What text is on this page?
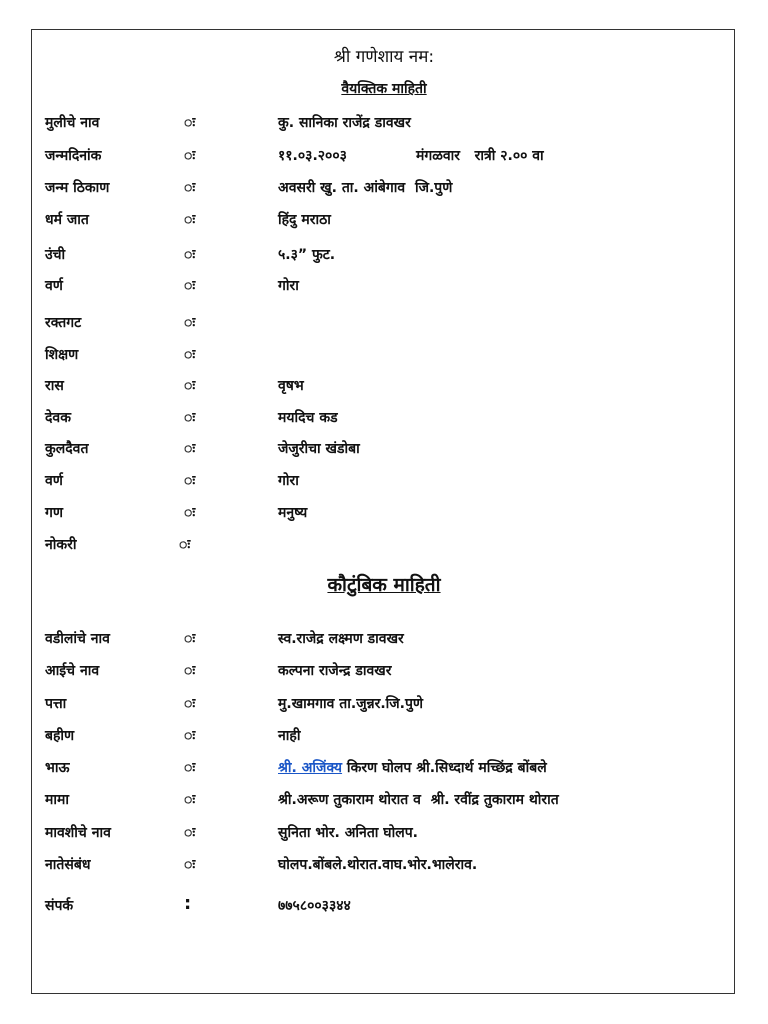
श्री गणेशाय नम:
वैयक्तिक माहिती
मुलीचे नाव	ः	कु. सानिका राजेंद्र डावखर
जन्मदिनांक	ः	११.०३.२००३	मंगळवार   रात्री २.०० वा
जन्म ठिकाण	ः	अवसरी खु. ता. आंबेगाव  जि.पुणे
धर्म जात	ः	हिंदु मराठा
उंची	ः	५.३” फुट.
वर्ण	ः	गोरा
रक्तगट	ः
शिक्षण	ः
रास	ः	वृषभ
देवक	ः	मयदिच कड
कुलदैवत	ः	जेजुरीचा खंडोबा
वर्ण	ः	गोरा
गण	ः	मनुष्य
नोकरी	ः
कौटुंबिक माहिती
वडीलांचे नाव	ः	स्व.राजेद्र लक्ष्मण डावखर
आईचे नाव	ः	कल्पना राजेन्द्र डावखर
पत्ता	ः	मु.खामगाव ता.जुन्नर.जि.पुणे
बहीण	ः	नाही
भाऊ	ः	श्री. अजिंक्य किरण घोलप श्री.सिध्दार्थ मच्छिंद्र बोंबले
मामा	ः	श्री.अरूण तुकाराम थोरात व  श्री. रवींद्र तुकाराम थोरात
मावशीचे नाव	ः	सुनिता भोर. अनिता घोलप.
नातेसंबंध	ः	घोलप.बोंबले.थोरात.वाघ.भोर.भालेराव.
संपर्क	:	७७५८००३३४४
